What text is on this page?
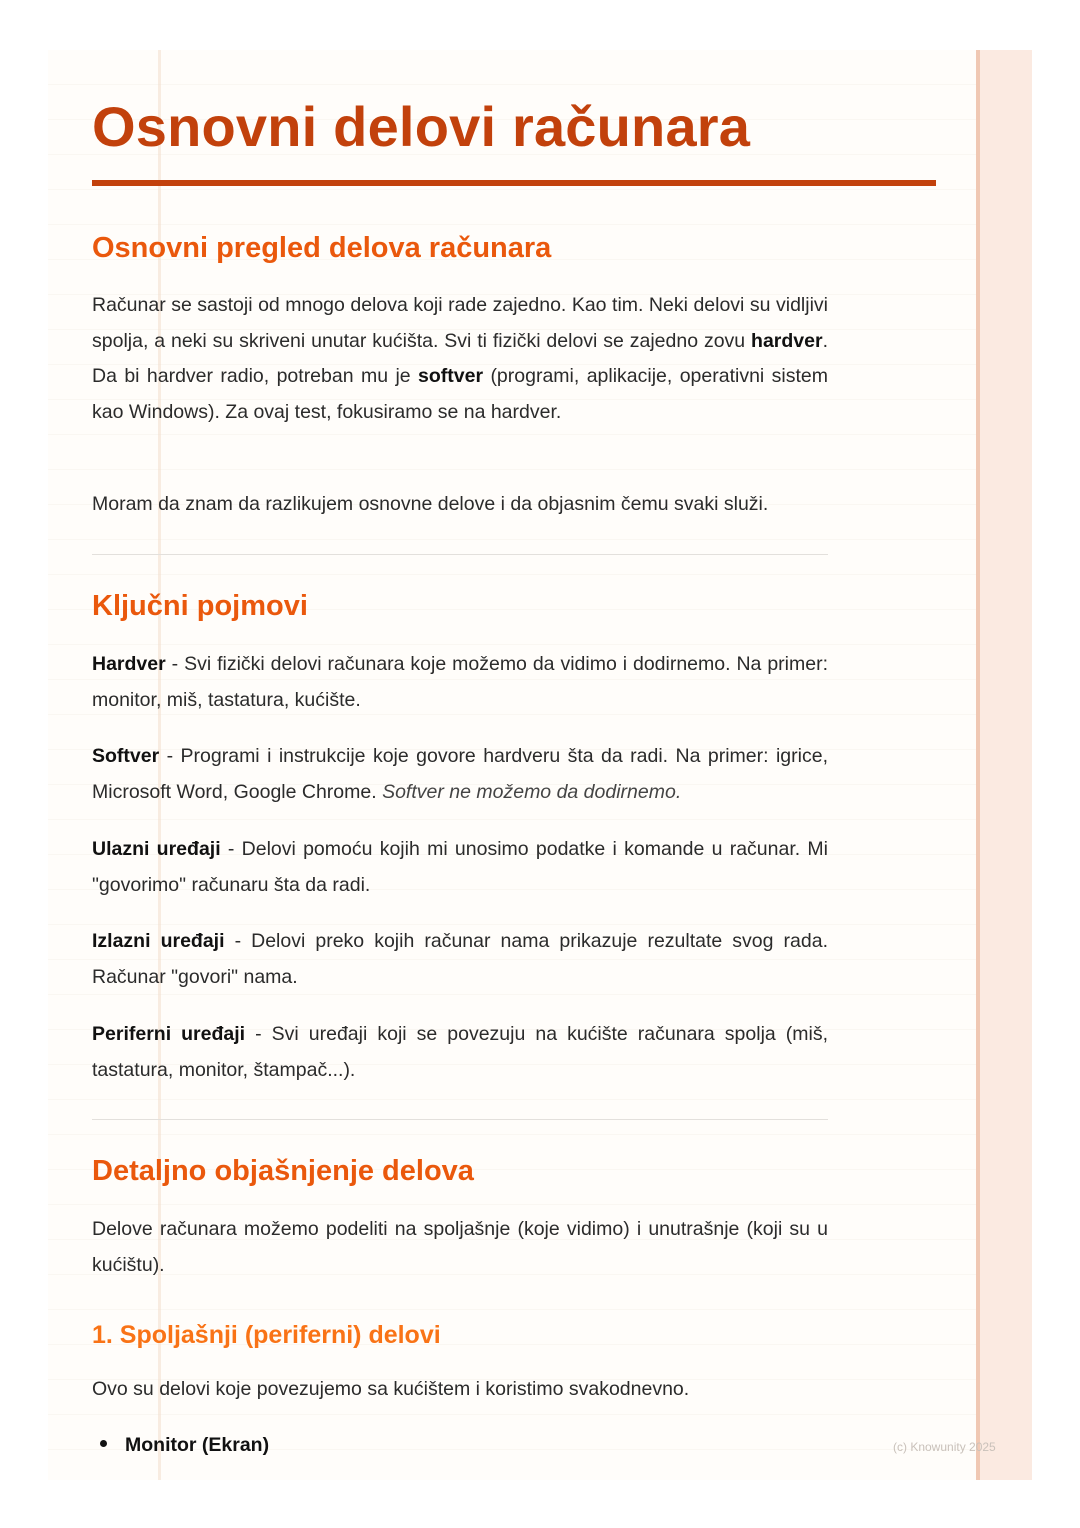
Osnovni delovi računara
Osnovni pregled delova računara

Računar se sastoji od mnogo delova koji rade zajedno. Kao tim. Neki delovi su vidljivi spolja, a neki su skriveni unutar kućišta. Svi ti fizički delovi se zajedno zovu hardver. Da bi hardver radio, potreban mu je softver (programi, aplikacije, operativni sistem kao Windows). Za ovaj test, fokusiramo se na hardver.

Moram da znam da razlikujem osnovne delove i da objasnim čemu svaki služi.

Ključni pojmovi

Hardver - Svi fizički delovi računara koje možemo da vidimo i dodirnemo. Na primer: monitor, miš, tastatura, kućište.

Softver - Programi i instrukcije koje govore hardveru šta da radi. Na primer: igrice, Microsoft Word, Google Chrome. Softver ne možemo da dodirnemo.

Ulazni uređaji - Delovi pomoću kojih mi unosimo podatke i komande u računar. Mi "govorimo" računaru šta da radi.

Izlazni uređaji - Delovi preko kojih računar nama prikazuje rezultate svog rada. Računar "govori" nama.

Periferni uređaji - Svi uređaji koji se povezuju na kućište računara spolja (miš, tastatura, monitor, štampač...).

Detaljno objašnjenje delova

Delove računara možemo podeliti na spoljašnje (koje vidimo) i unutrašnje (koji su u kućištu).

1. Spoljašnji (periferni) delovi

Ovo su delovi koje povezujemo sa kućištem i koristimo svakodnevno.

Monitor (Ekran)	(c) Knowunity 2025
